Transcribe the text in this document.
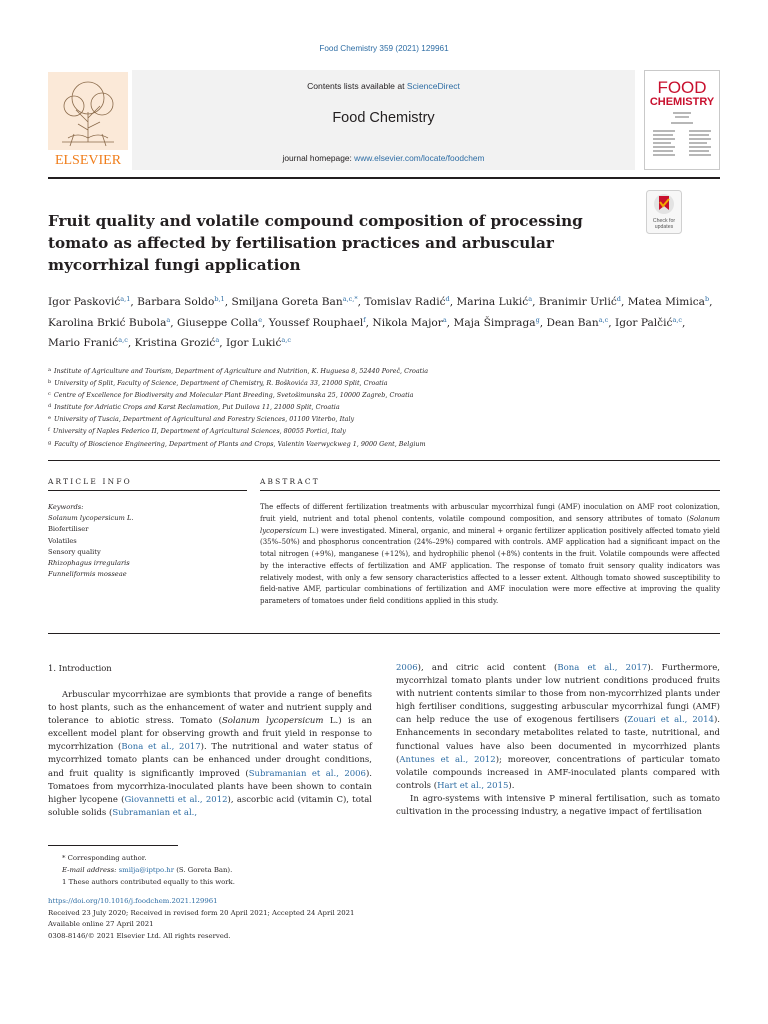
Food Chemistry 359 (2021) 129961
Contents lists available at ScienceDirect
Food Chemistry
journal homepage: www.elsevier.com/locate/foodchem
ELSEVIER
FOOD
CHEMISTRY
Check for
updates
Fruit quality and volatile compound composition of processing tomato as affected by fertilisation practices and arbuscular mycorrhizal fungi application
Igor Pasković$^{a,1}$, Barbara Soldo$^{b,1}$, Smiljana Goreta Ban$^{a,c,*}$, Tomislav Radić$^d$, Marina Lukić$^a$, Branimir Urlić$^d$, Matea Mimica$^b$, Karolina Brkić Bubola$^a$, Giuseppe Colla$^e$, Youssef Rouphael$^f$, Nikola Major$^a$, Maja Šimpraga$^g$, Dean Ban$^{a,c}$, Igor Palčić$^{a,c}$, Mario Franić$^{a,c}$, Kristina Grozić$^a$, Igor Lukić$^{a,c}$
$^a$ Institute of Agriculture and Tourism, Department of Agriculture and Nutrition, K. Huguesa 8, 52440 Poreč, Croatia
$^b$ University of Split, Faculty of Science, Department of Chemistry, R. Boškovića 33, 21000 Split, Croatia
$^c$ Centre of Excellence for Biodiversity and Molecular Plant Breeding, Svetošimunska 25, 10000 Zagreb, Croatia
$^d$ Institute for Adriatic Crops and Karst Reclamation, Put Duilova 11, 21000 Split, Croatia
$^e$ University of Tuscia, Department of Agricultural and Forestry Sciences, 01100 Viterbo, Italy
$^f$ University of Naples Federico II, Department of Agricultural Sciences, 80055 Portici, Italy
$^g$ Faculty of Bioscience Engineering, Department of Plants and Crops, Valentin Vaerwyckweg 1, 9000 Gent, Belgium
ARTICLE INFO	ABSTRACT
Keywords:
Solanum lycopersicum L.
Biofertiliser
Volatiles
Sensory quality
Rhizophagus irregularis
Funneliformis mosseae
The effects of different fertilization treatments with arbuscular mycorrhizal fungi (AMF) inoculation on AMF root colonization, fruit yield, nutrient and total phenol contents, volatile compound composition, and sensory attributes of tomato (Solanum lycopersicum L.) were investigated. Mineral, organic, and mineral + organic fertilizer application positively affected tomato yield (35%–50%) and phosphorus concentration (24%–29%) compared with controls. AMF application had a significant impact on the total nitrogen (+9%), manganese (+12%), and hydrophilic phenol (+8%) contents in the fruit. Volatile compounds were affected by the interactive effects of fertilization and AMF application. The response of tomato fruit sensory quality indicators was relatively modest, with only a few sensory characteristics affected to a lesser extent. Although tomato showed susceptibility to field-native AMF, particular combinations of fertilization and AMF inoculation were more effective at improving the quality parameters of tomatoes under field conditions applied in this study.
1. Introduction
Arbuscular mycorrhizae are symbionts that provide a range of benefits to host plants, such as the enhancement of water and nutrient supply and tolerance to abiotic stress. Tomato (Solanum lycopersicum L.) is an excellent model plant for observing growth and fruit yield in response to mycorrhization (Bona et al., 2017). The nutritional and water status of mycorrhized tomato plants can be enhanced under drought conditions, and fruit quality is significantly improved (Subramanian et al., 2006). Tomatoes from mycorrhiza-inoculated plants have been shown to contain higher lycopene (Giovannetti et al., 2012), ascorbic acid (vitamin C), total soluble solids (Subramanian et al.,
2006), and citric acid content (Bona et al., 2017). Furthermore, mycorrhizal tomato plants under low nutrient conditions produced fruits with nutrient contents similar to those from non-mycorrhized plants under high fertiliser conditions, suggesting arbuscular mycorrhizal fungi (AMF) can help reduce the use of exogenous fertilisers (Zouari et al., 2014). Enhancements in secondary metabolites related to taste, nutritional, and functional values have also been documented in mycorrhized plants (Antunes et al., 2012); moreover, concentrations of particular tomato volatile compounds increased in AMF-inoculated plants compared with controls (Hart et al., 2015).
In agro-systems with intensive P mineral fertilisation, such as tomato cultivation in the processing industry, a negative impact of fertilisation
* Corresponding author.
E-mail address: smilja@iptpo.hr (S. Goreta Ban).
1 These authors contributed equally to this work.
https://doi.org/10.1016/j.foodchem.2021.129961
Received 23 July 2020; Received in revised form 20 April 2021; Accepted 24 April 2021
Available online 27 April 2021
0308-8146/© 2021 Elsevier Ltd. All rights reserved.
